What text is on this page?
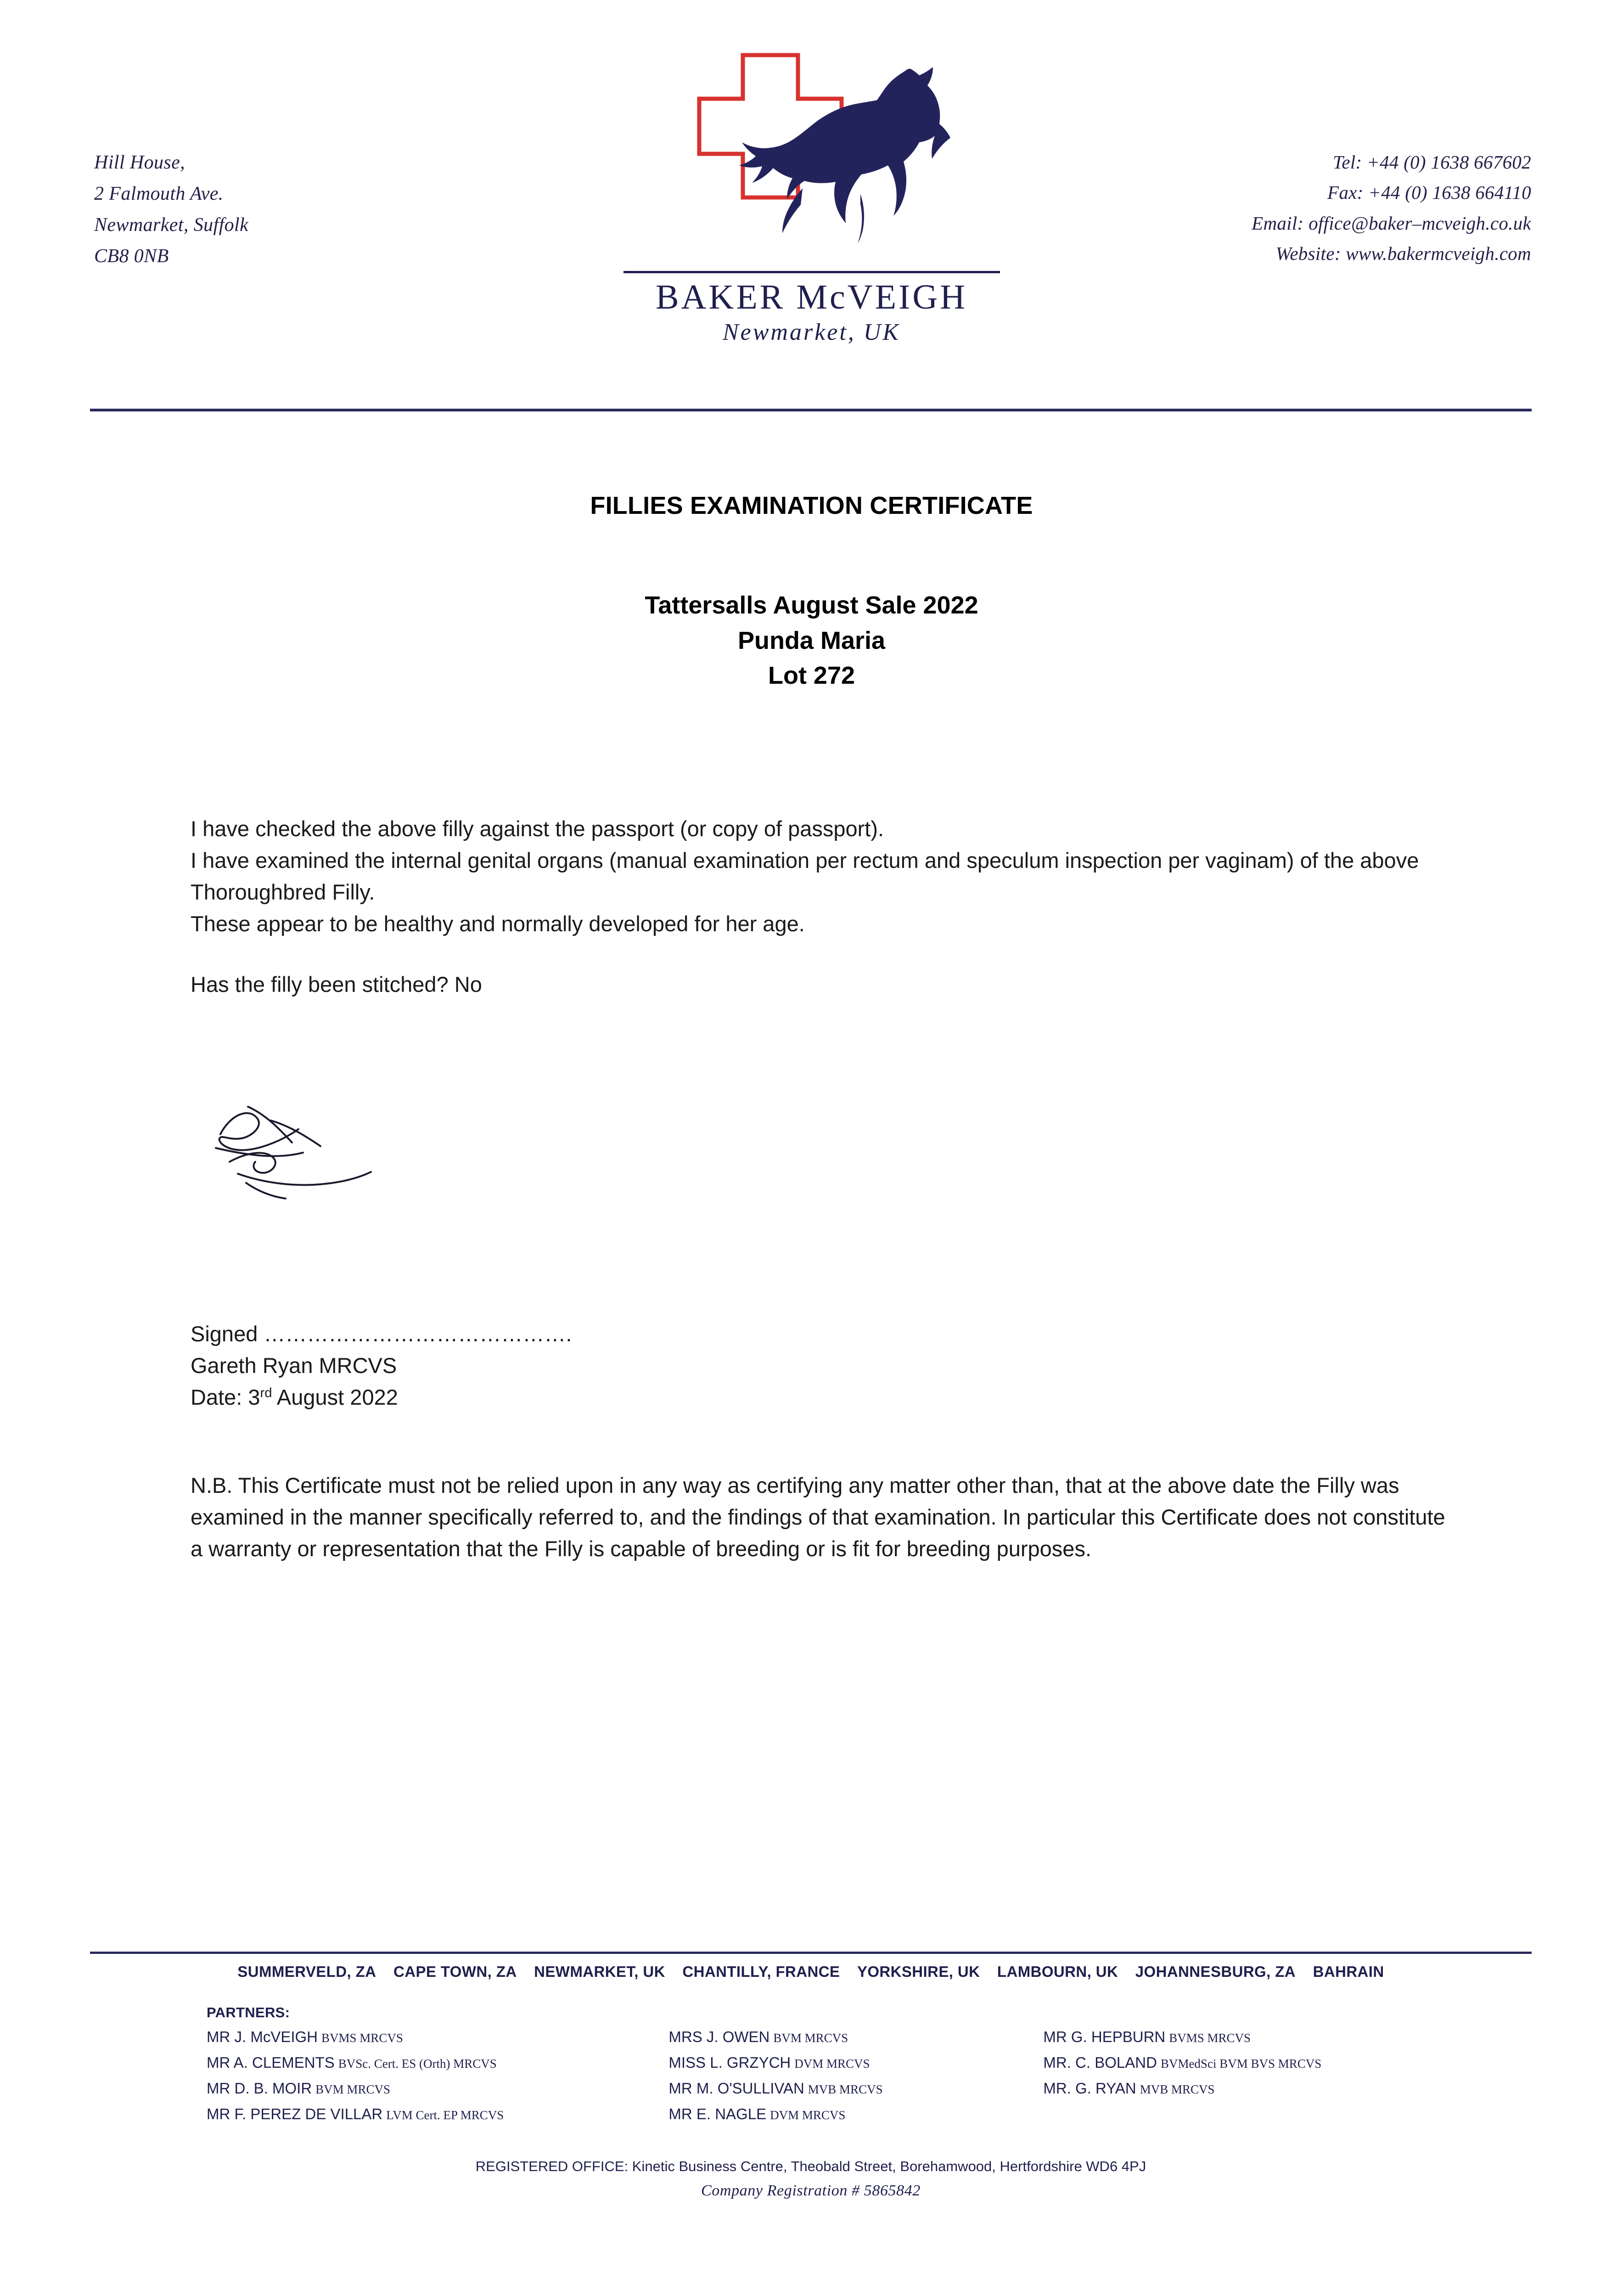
Hill House,
2 Falmouth Ave.
Newmarket, Suffolk
CB8 0NB
BAKER McVEIGH
Newmarket, UK
Tel: +44 (0) 1638 667602
Fax: +44 (0) 1638 664110
Email: office@baker–mcveigh.co.uk
Website: www.bakermcveigh.com
FILLIES EXAMINATION CERTIFICATE
Tattersalls August Sale 2022
Punda Maria
Lot 272

I have checked the above filly against the passport (or copy of passport).

I have examined the internal genital organs (manual examination per rectum and speculum inspection per vaginam) of the above Thoroughbred Filly.

These appear to be healthy and normally developed for her age.

Has the filly been stitched? No

Signed …………………………………….

Gareth Ryan MRCVS

Date: 3rd August 2022

N.B. This Certificate must not be relied upon in any way as certifying any matter other than, that at the above date the Filly was examined in the manner specifically referred to, and the findings of that examination. In particular this Certificate does not constitute a warranty or representation that the Filly is capable of breeding or is fit for breeding purposes.

SUMMERVELD, ZA CAPE TOWN, ZA NEWMARKET, UK CHANTILLY, FRANCE YORKSHIRE, UK LAMBOURN, UK JOHANNESBURG, ZA BAHRAIN
PARTNERS:
MR J. McVEIGH BVMS MRCVS
MR A. CLEMENTS BVSc. Cert. ES (Orth) MRCVS
MR D. B. MOIR BVM MRCVS
MR F. PEREZ DE VILLAR LVM Cert. EP MRCVS
MRS J. OWEN BVM MRCVS
MISS L. GRZYCH DVM MRCVS
MR M. O'SULLIVAN MVB MRCVS
MR E. NAGLE DVM MRCVS
MR G. HEPBURN BVMS MRCVS
MR. C. BOLAND BVMedSci BVM BVS MRCVS
MR. G. RYAN MVB MRCVS
REGISTERED OFFICE: Kinetic Business Centre, Theobald Street, Borehamwood, Hertfordshire WD6 4PJ
Company Registration # 5865842
